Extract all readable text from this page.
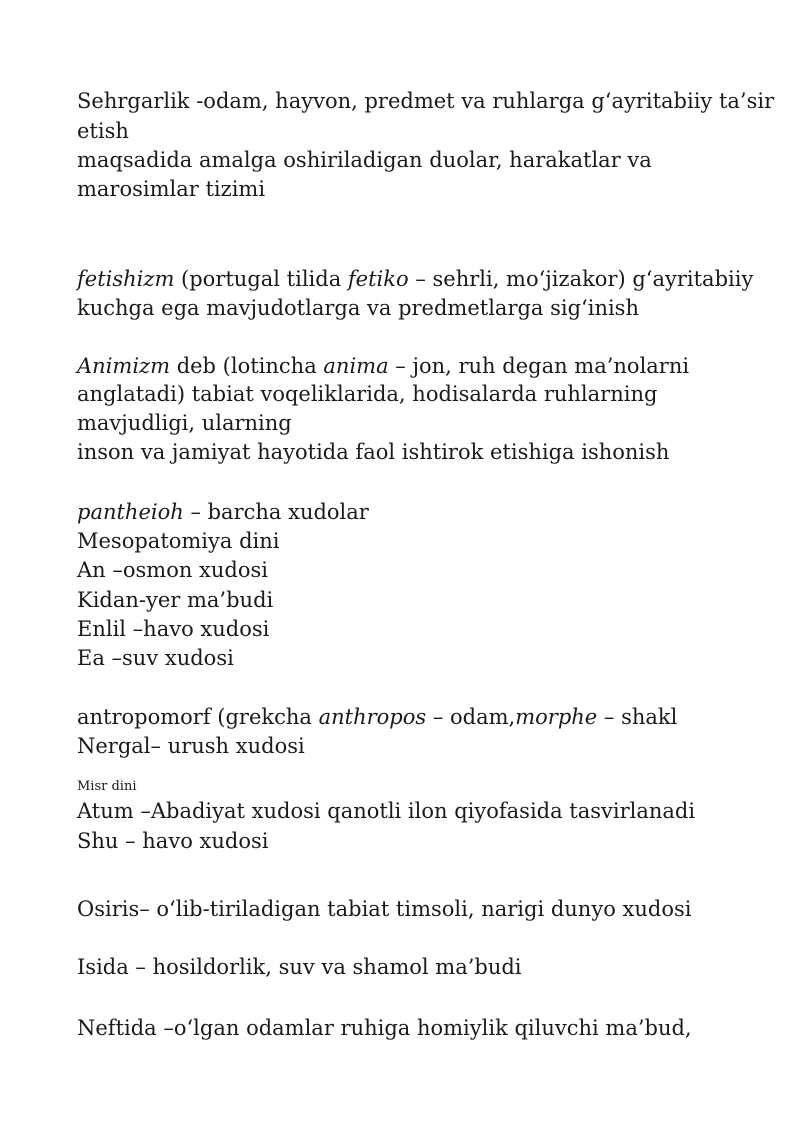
Sehrgarlik -odam, hayvon, predmet va ruhlarga g‘ayritabiiy ta’sir

etish

maqsadida amalga oshiriladigan duolar, harakatlar va

marosimlar tizimi

fetishizm (portugal tilida fetiko – sehrli, mo‘jizakor) g‘ayritabiiy

kuchga ega mavjudotlarga va predmetlarga sig‘inish

Animizm deb (lotincha anima – jon, ruh degan ma’nolarni

anglatadi) tabiat voqeliklarida, hodisalarda ruhlarning

mavjudligi, ularning

inson va jamiyat hayotida faol ishtirok etishiga ishonish

pantheioh – barcha xudolar

Mesopatomiya dini

An –osmon xudosi

Kidan-yer ma’budi

Enlil –havo xudosi

Ea –suv xudosi

antropomorf (grekcha anthropos – odam,morphe – shakl

Nergal– urush xudosi

Misr dini

Atum –Abadiyat xudosi qanotli ilon qiyofasida tasvirlanadi

Shu – havo xudosi

Osiris– o‘lib-tiriladigan tabiat timsoli, narigi dunyo xudosi

Isida – hosildorlik, suv va shamol ma’budi

Neftida –o‘lgan odamlar ruhiga homiylik qiluvchi ma’bud,
